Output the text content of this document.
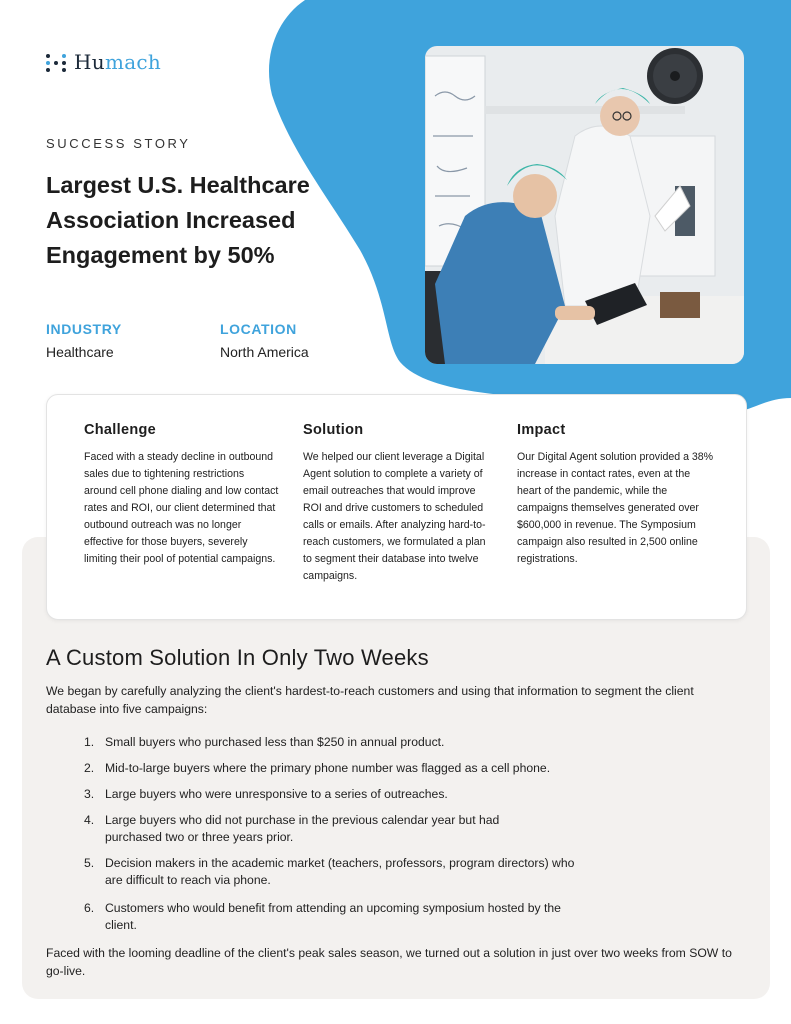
Humach
SUCCESS STORY
Largest U.S. Healthcare Association Increased Engagement by 50%
INDUSTRY
Healthcare
LOCATION
North America
Challenge

Faced with a steady decline in outbound sales due to tightening restrictions around cell phone dialing and low contact rates and ROI, our client determined that outbound outreach was no longer effective for those buyers, severely limiting their pool of potential campaigns.

Solution

We helped our client leverage a Digital Agent solution to complete a variety of email outreaches that would improve ROI and drive customers to scheduled calls or emails. After analyzing hard-to-reach customers, we formulated a plan to segment their database into twelve campaigns.

Impact

Our Digital Agent solution provided a 38% increase in contact rates, even at the heart of the pandemic, while the campaigns themselves generated over $600,000 in revenue. The Symposium campaign also resulted in 2,500 online registrations.

A Custom Solution In Only Two Weeks

We began by carefully analyzing the client's hardest-to-reach customers and using that information to segment the client database into five campaigns:

1. Small buyers who purchased less than $250 in annual product.
2. Mid-to-large buyers where the primary phone number was flagged as a cell phone.
3. Large buyers who were unresponsive to a series of outreaches.
4. Large buyers who did not purchase in the previous calendar year but had purchased two or three years prior.
5. Decision makers in the academic market (teachers, professors, program directors) who are difficult to reach via phone.
6. Customers who would benefit from attending an upcoming symposium hosted by the client.

Faced with the looming deadline of the client's peak sales season, we turned out a solution in just over two weeks from SOW to go-live.
